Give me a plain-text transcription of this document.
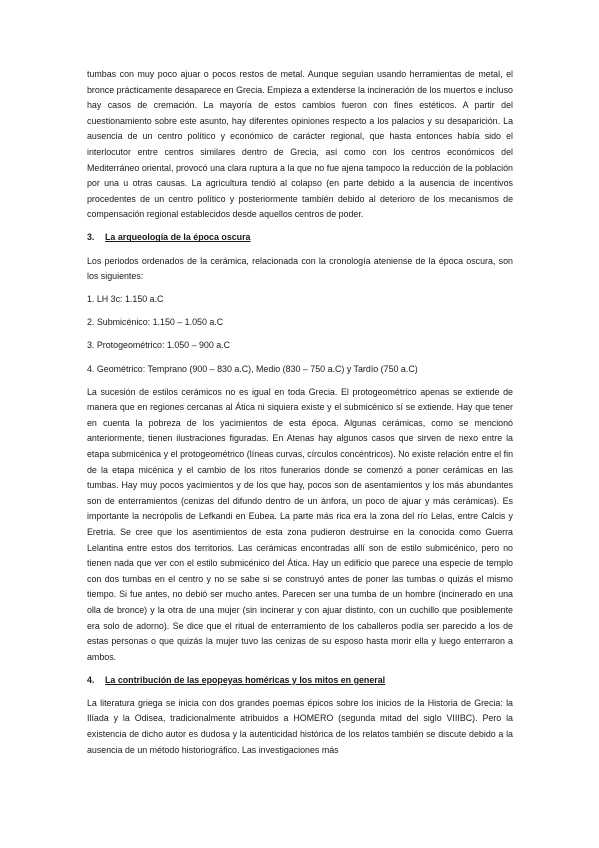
tumbas con muy poco ajuar o pocos restos de metal. Aunque seguían usando herramientas de metal, el bronce prácticamente desaparece en Grecia. Empieza a extenderse la incineración de los muertos e incluso hay casos de cremación. La mayoría de estos cambios fueron con fines estéticos. A partir del cuestionamiento sobre este asunto, hay diferentes opiniones respecto a los palacios y su desaparición. La ausencia de un centro político y económico de carácter regional, que hasta entonces había sido el interlocutor entre centros similares dentro de Grecia, así como con los centros económicos del Mediterráneo oriental, provocó una clara ruptura a la que no fue ajena tampoco la reducción de la población por una u otras causas. La agricultura tendió al colapso (en parte debido a la ausencia de incentivos procedentes de un centro político y posteriormente también debido al deterioro de los mecanismos de compensación regional establecidos desde aquellos centros de poder.

3.	La arqueología de la época oscura

Los periodos ordenados de la cerámica, relacionada con la cronología ateniense de la época oscura, son los siguientes:

1. LH 3c: 1.150 a.C

2. Submicénico: 1.150 – 1.050 a.C

3. Protogeométrico: 1.050 – 900 a.C

4. Geométrico: Temprano (900 – 830 a.C), Medio (830 – 750 a.C) y Tardío (750 a.C)

La sucesión de estilos cerámicos no es igual en toda Grecia. El protogeométrico apenas se extiende de manera que en regiones cercanas al Ática ni siquiera existe y el submicénico sí se extiende. Hay que tener en cuenta la pobreza de los yacimientos de esta época. Algunas cerámicas, como se mencionó anteriormente, tienen ilustraciones figuradas. En Atenas hay algunos casos que sirven de nexo entre la etapa submicénica y el protogeométrico (líneas curvas, círculos concéntricos). No existe relación entre el fin de la etapa micénica y el cambio de los ritos funerarios donde se comenzó a poner cerámicas en las tumbas. Hay muy pocos yacimientos y de los que hay, pocos son de asentamientos y los más abundantes son de enterramientos (cenizas del difundo dentro de un ánfora, un poco de ajuar y más cerámicas). Es importante la necrópolis de Lefkandi en Eubea. La parte más rica era la zona del río Lelas, entre Calcis y Eretria. Se cree que los asentimientos de esta zona pudieron destruirse en la conocida como Guerra Lelantina entre estos dos territorios. Las cerámicas encontradas allí son de estilo submicénico, pero no tienen nada que ver con el estilo submicénico del Ática. Hay un edificio que parece una especie de templo con dos tumbas en el centro y no se sabe si se construyó antes de poner las tumbas o quizás el mismo tiempo. Si fue antes, no debió ser mucho antes. Parecen ser una tumba de un hombre (incinerado en una olla de bronce) y la otra de una mujer (sin incinerar y con ajuar distinto, con un cuchillo que posiblemente era solo de adorno). Se dice que el ritual de enterramiento de los caballeros podía ser parecido a los de estas personas o que quizás la mujer tuvo las cenizas de su esposo hasta morir ella y luego enterraron a ambos.

4.	La contribución de las epopeyas homéricas y los mitos en general

La literatura griega se inicia con dos grandes poemas épicos sobre los inicios de la Historia de Grecia: la Ilíada y la Odisea, tradicionalmente atribuidos a HOMERO (segunda mitad del siglo VIIIBC). Pero la existencia de dicho autor es dudosa y la autenticidad histórica de los relatos también se discute debido a la ausencia de un método historiográfico. Las investigaciones más
